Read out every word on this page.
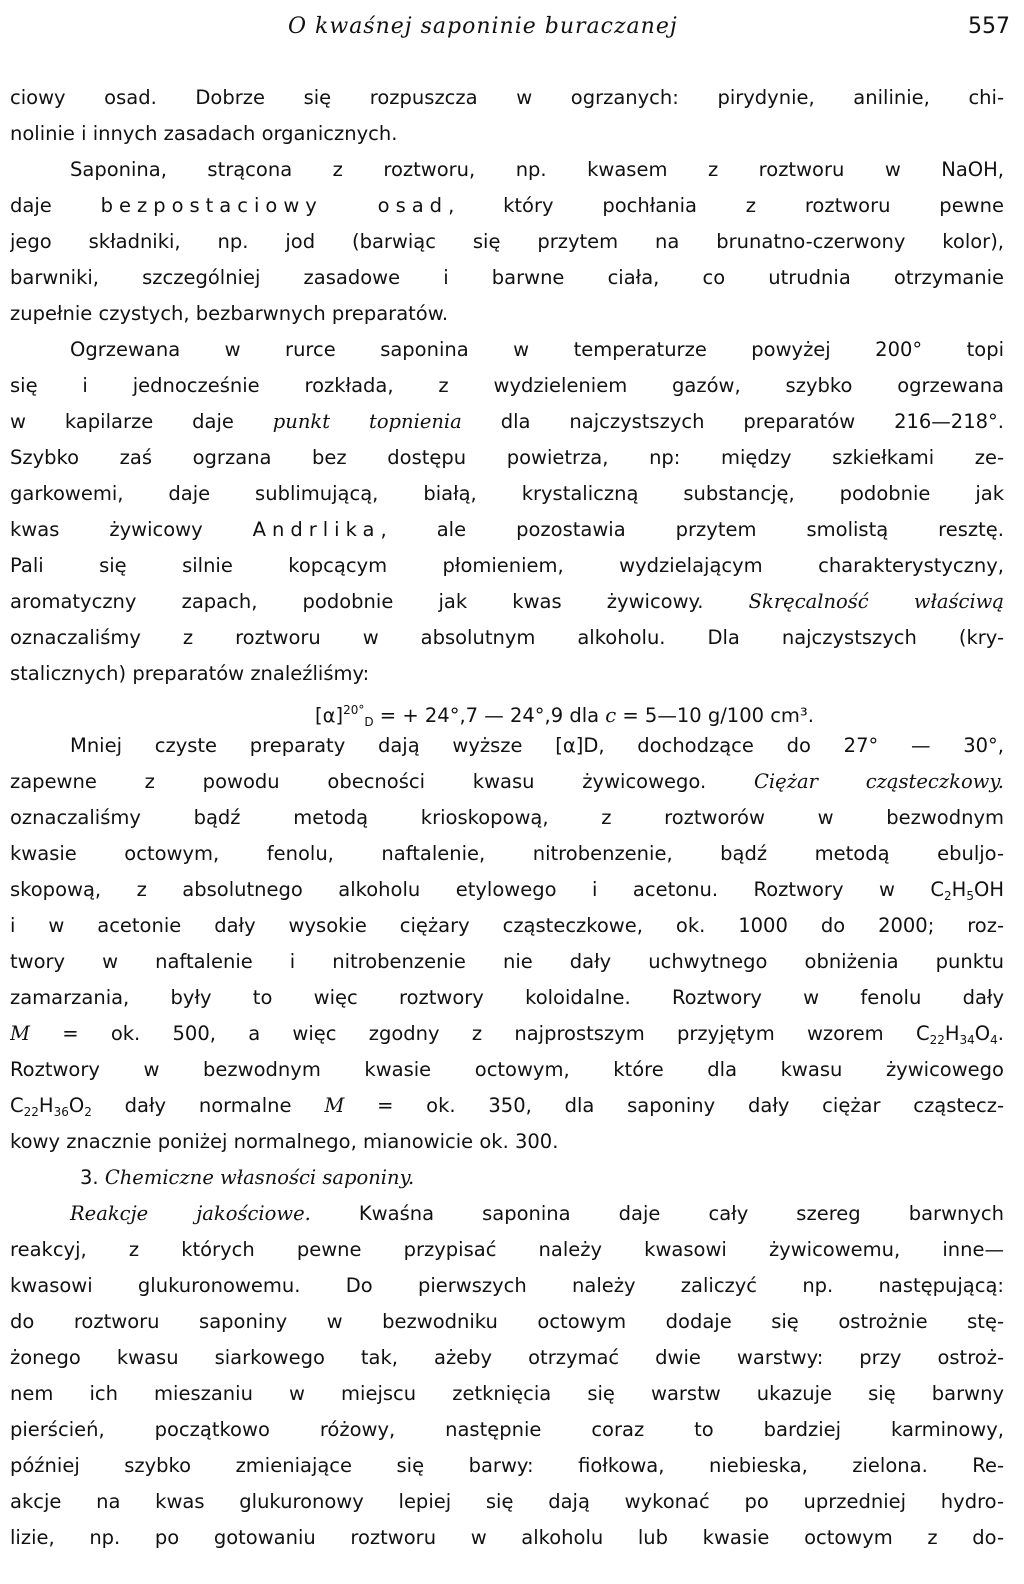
O kwaśnej saponinie buraczanej	557
ciowy osad. Dobrze się rozpuszcza w ogrzanych: pirydynie, anilinie, chi-
nolinie i innych zasadach organicznych.
Saponina, strącona z roztworu, np. kwasem z roztworu w NaOH,
daje bezpostaciowy osad, który pochłania z roztworu pewne
jego składniki, np. jod (barwiąc się przytem na brunatno-czerwony kolor),
barwniki, szczególniej zasadowe i barwne ciała, co utrudnia otrzymanie
zupełnie czystych, bezbarwnych preparatów.
Ogrzewana w rurce saponina w temperaturze powyżej 200° topi
się i jednocześnie rozkłada, z wydzieleniem gazów, szybko ogrzewana
w kapilarze daje punkt topnienia dla najczystszych preparatów 216—218°.
Szybko zaś ogrzana bez dostępu powietrza, np: między szkiełkami ze-
garkowemi, daje sublimującą, białą, krystaliczną substancję, podobnie jak
kwas żywicowy Andrlika, ale pozostawia przytem smolistą resztę.
Pali się silnie kopcącym płomieniem, wydzielającym charakterystyczny,
aromatyczny zapach, podobnie jak kwas żywicowy. Skręcalność właściwą
oznaczaliśmy z roztworu w absolutnym alkoholu. Dla najczystszych (kry-
stalicznych) preparatów znaleźliśmy:
$[\alpha]^{20^\circ}_D$ = + 24°,7 — 24°,9 dla c = 5—10 g/100 cm³.
Mniej czyste preparaty dają wyższe [α]D, dochodzące do 27° — 30°,
zapewne z powodu obecności kwasu żywicowego. Ciężar cząsteczkowy.
oznaczaliśmy bądź metodą krioskopową, z roztworów w bezwodnym
kwasie octowym, fenolu, naftalenie, nitrobenzenie, bądź metodą ebuljo-
skopową, z absolutnego alkoholu etylowego i acetonu. Roztwory w $C_2H_5OH$
i w acetonie dały wysokie ciężary cząsteczkowe, ok. 1000 do 2000; roz-
twory w naftalenie i nitrobenzenie nie dały uchwytnego obniżenia punktu
zamarzania, były to więc roztwory koloidalne. Roztwory w fenolu dały
M = ok. 500, a więc zgodny z najprostszym przyjętym wzorem $C_{22}H_{34}O_4$.
Roztwory w bezwodnym kwasie octowym, które dla kwasu żywicowego
$C_{22}H_{36}O_2$ dały normalne M = ok. 350, dla saponiny dały ciężar cząstecz-
kowy znacznie poniżej normalnego, mianowicie ok. 300.
3. Chemiczne własności saponiny.
Reakcje jakościowe. Kwaśna saponina daje cały szereg barwnych
reakcyj, z których pewne przypisać należy kwasowi żywicowemu, inne—
kwasowi glukuronowemu. Do pierwszych należy zaliczyć np. następującą:
do roztworu saponiny w bezwodniku octowym dodaje się ostrożnie stę-
żonego kwasu siarkowego tak, ażeby otrzymać dwie warstwy: przy ostroż-
nem ich mieszaniu w miejscu zetknięcia się warstw ukazuje się barwny
pierścień, początkowo różowy, następnie coraz to bardziej karminowy,
później szybko zmieniające się barwy: fiołkowa, niebieska, zielona. Re-
akcje na kwas glukuronowy lepiej się dają wykonać po uprzedniej hydro-
lizie, np. po gotowaniu roztworu w alkoholu lub kwasie octowym z do-
